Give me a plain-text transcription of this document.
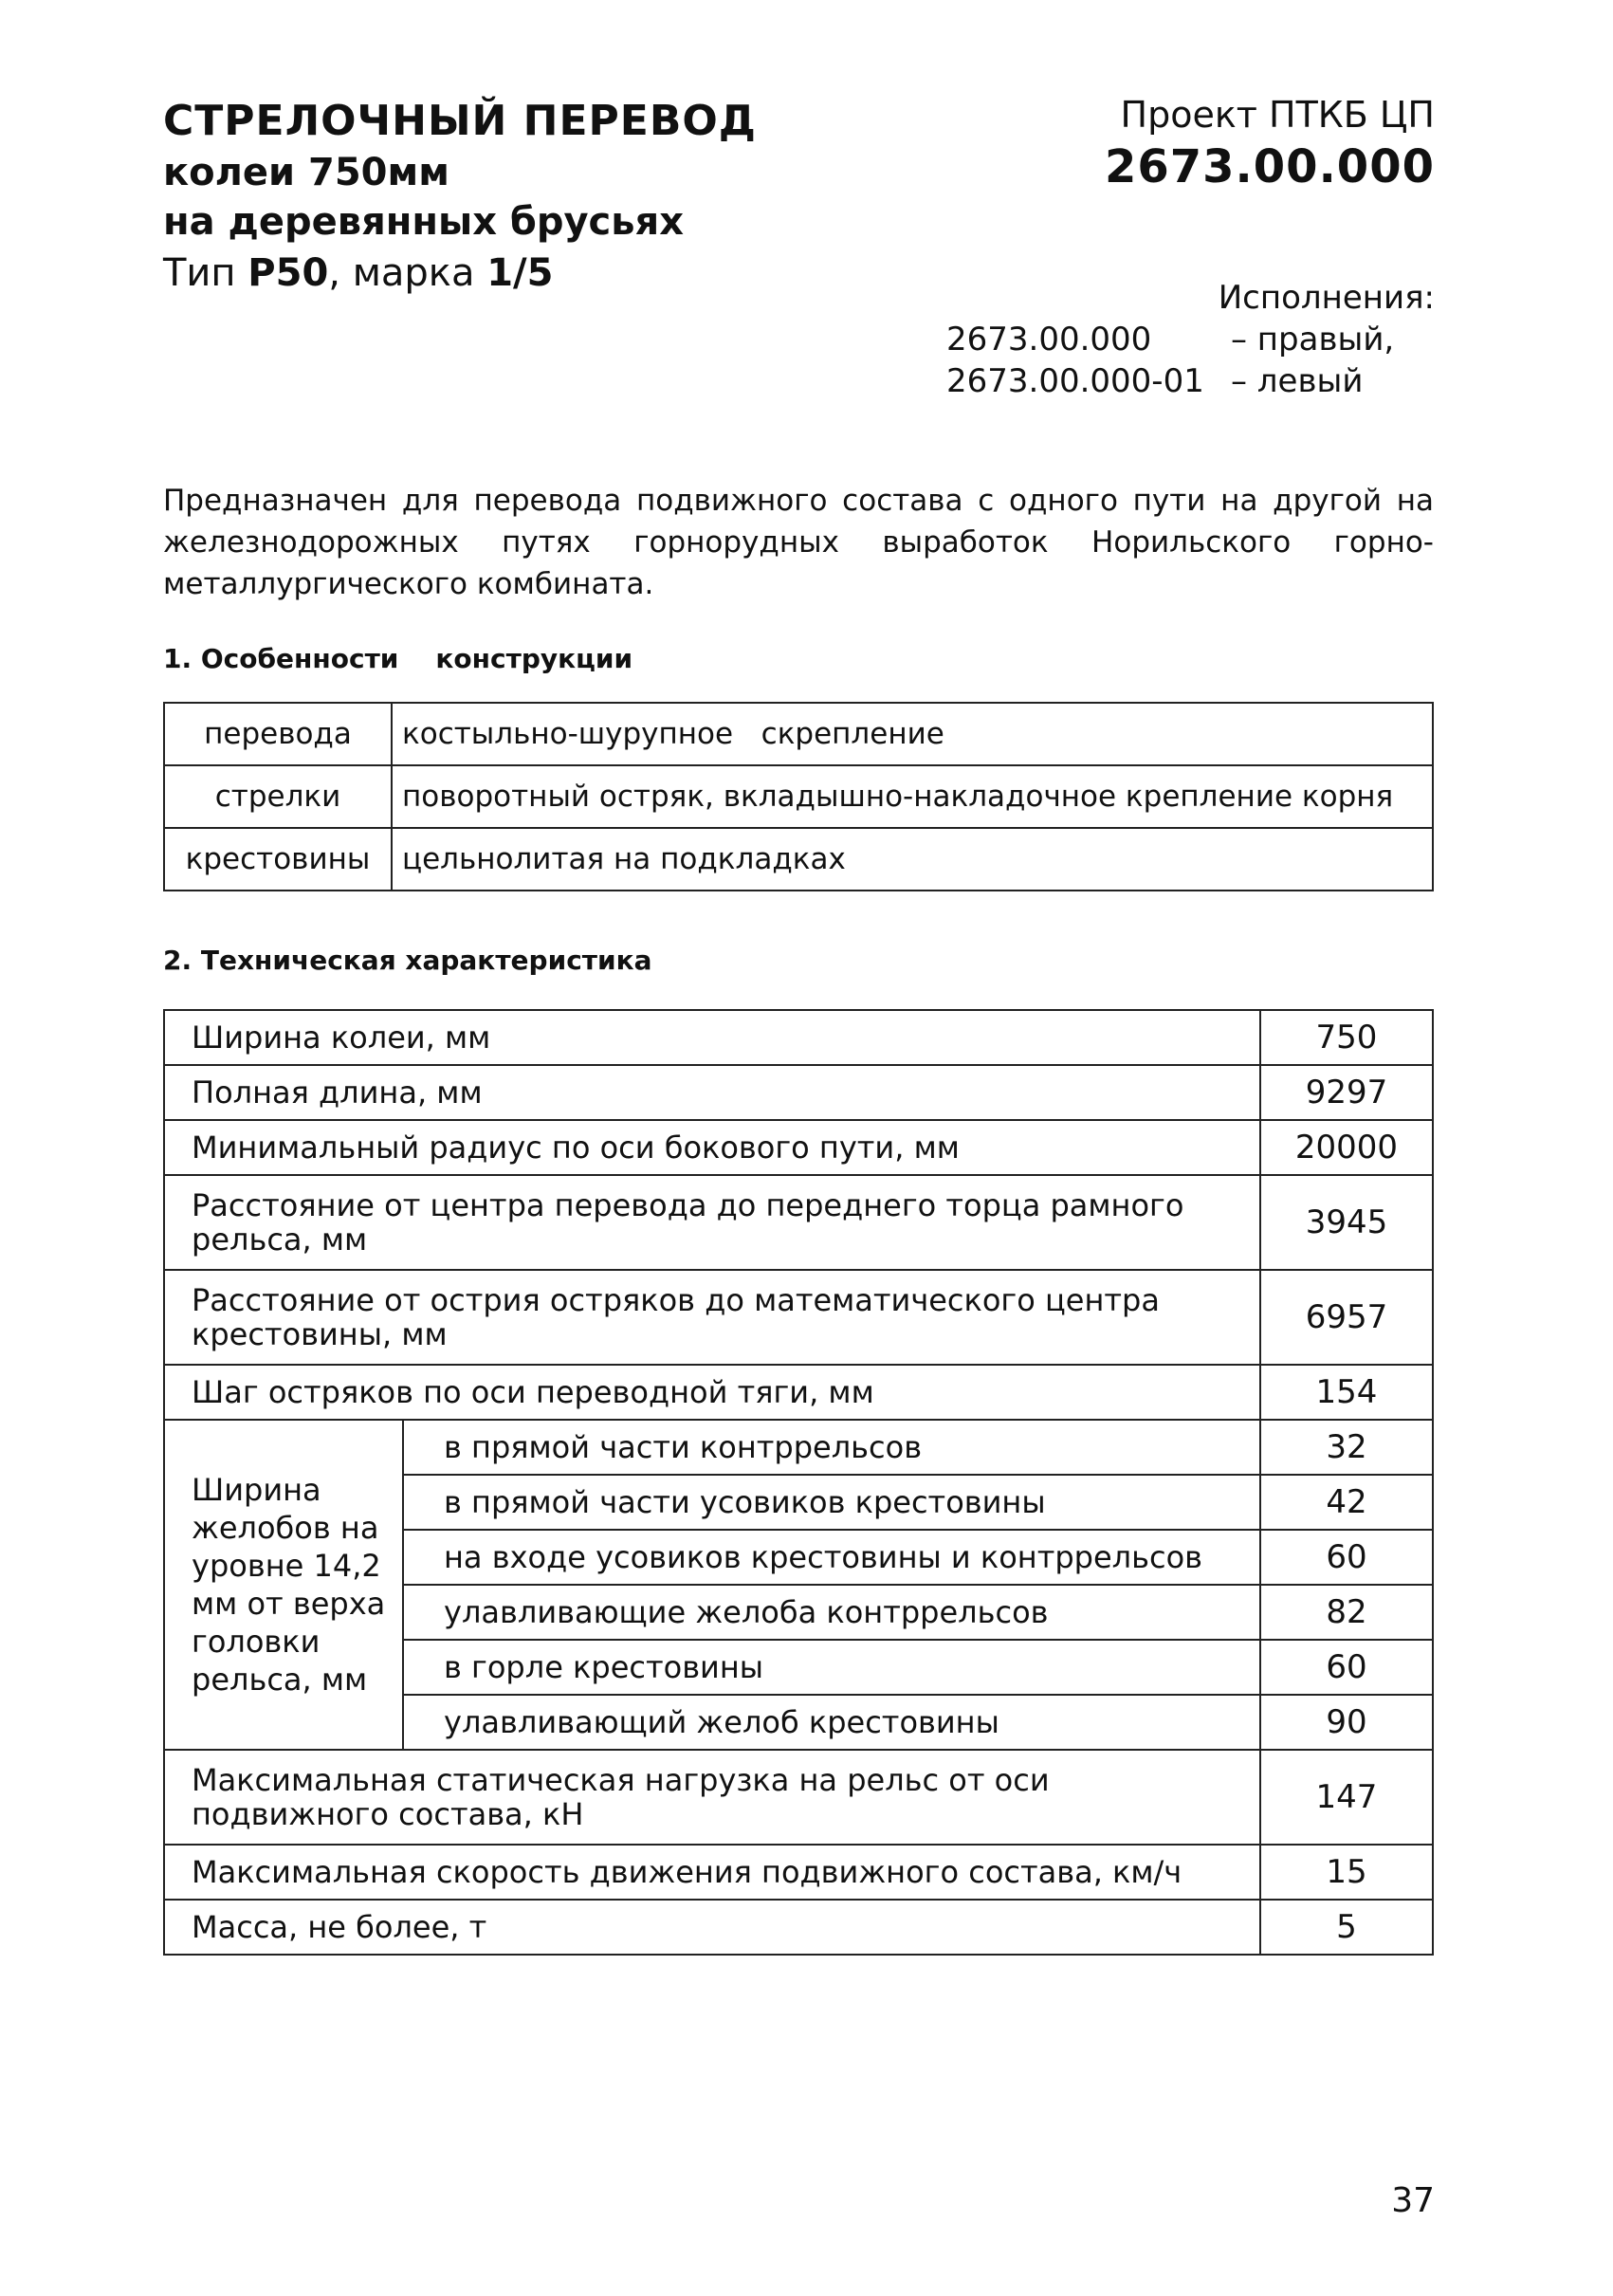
СТРЕЛОЧНЫЙ ПЕРЕВОД
колеи 750мм
на деревянных брусьях
Тип Р50, марка 1/5
Проект ПТКБ ЦП
2673.00.000
Исполнения:
2673.00.000	– правый,
2673.00.000-01 – левый
Предназначен для перевода подвижного состава с одного пути на другой на железнодорожных путях горнорудных выработок Норильского горно-металлургического комбината.
1. Особенности    конструкции
перевода	костыльно-шурупное   скрепление
стрелки	поворотный остряк, вкладышно-накладочное крепление корня
крестовины	цельнолитая на подкладках
2. Техническая характеристика
Ширина колеи, мм		750
Полная длина, мм		9297
Минимальный радиус по оси бокового пути, мм		20000
Расстояние от центра перевода до переднего торца рамного рельса, мм		3945
Расстояние от острия остряков до математического центра крестовины, мм		6957
Шаг остряков по оси переводной тяги, мм		154
Ширина желобов на уровне 14,2 мм от верха головки рельса, мм	в прямой части контррельсов	32
	в прямой части усовиков крестовины	42
	на входе усовиков крестовины и контррельсов	60
	улавливающие желоба контррельсов	82
	в горле крестовины	60
	улавливающий желоб крестовины	90
Максимальная статическая нагрузка на рельс от оси подвижного состава, кН		147
Максимальная скорость движения подвижного состава, км/ч		15
Масса, не более, т		5
37
